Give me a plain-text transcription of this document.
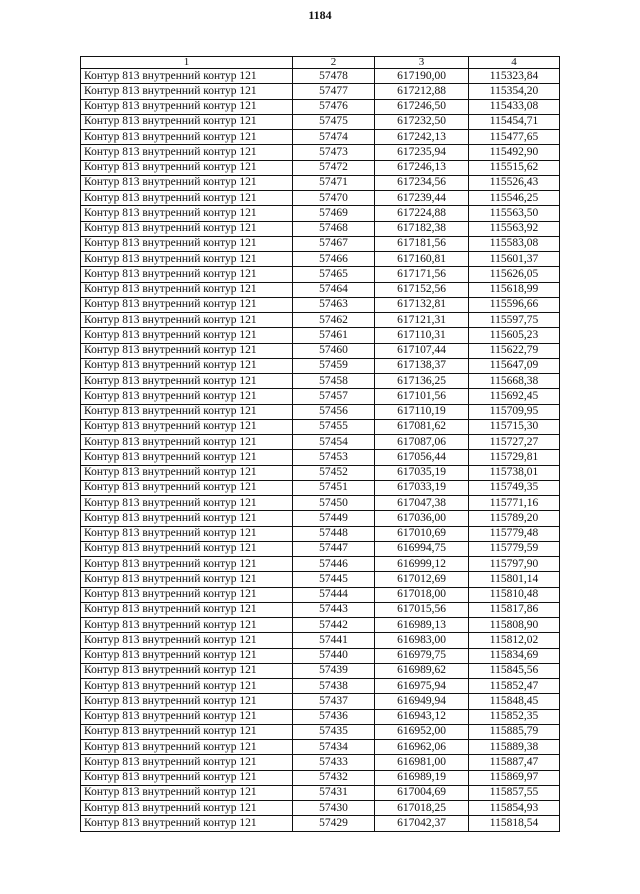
1184
1	2	3	4
Контур 813 внутренний контур 121	57478	617190,00	115323,84
Контур 813 внутренний контур 121	57477	617212,88	115354,20
Контур 813 внутренний контур 121	57476	617246,50	115433,08
Контур 813 внутренний контур 121	57475	617232,50	115454,71
Контур 813 внутренний контур 121	57474	617242,13	115477,65
Контур 813 внутренний контур 121	57473	617235,94	115492,90
Контур 813 внутренний контур 121	57472	617246,13	115515,62
Контур 813 внутренний контур 121	57471	617234,56	115526,43
Контур 813 внутренний контур 121	57470	617239,44	115546,25
Контур 813 внутренний контур 121	57469	617224,88	115563,50
Контур 813 внутренний контур 121	57468	617182,38	115563,92
Контур 813 внутренний контур 121	57467	617181,56	115583,08
Контур 813 внутренний контур 121	57466	617160,81	115601,37
Контур 813 внутренний контур 121	57465	617171,56	115626,05
Контур 813 внутренний контур 121	57464	617152,56	115618,99
Контур 813 внутренний контур 121	57463	617132,81	115596,66
Контур 813 внутренний контур 121	57462	617121,31	115597,75
Контур 813 внутренний контур 121	57461	617110,31	115605,23
Контур 813 внутренний контур 121	57460	617107,44	115622,79
Контур 813 внутренний контур 121	57459	617138,37	115647,09
Контур 813 внутренний контур 121	57458	617136,25	115668,38
Контур 813 внутренний контур 121	57457	617101,56	115692,45
Контур 813 внутренний контур 121	57456	617110,19	115709,95
Контур 813 внутренний контур 121	57455	617081,62	115715,30
Контур 813 внутренний контур 121	57454	617087,06	115727,27
Контур 813 внутренний контур 121	57453	617056,44	115729,81
Контур 813 внутренний контур 121	57452	617035,19	115738,01
Контур 813 внутренний контур 121	57451	617033,19	115749,35
Контур 813 внутренний контур 121	57450	617047,38	115771,16
Контур 813 внутренний контур 121	57449	617036,00	115789,20
Контур 813 внутренний контур 121	57448	617010,69	115779,48
Контур 813 внутренний контур 121	57447	616994,75	115779,59
Контур 813 внутренний контур 121	57446	616999,12	115797,90
Контур 813 внутренний контур 121	57445	617012,69	115801,14
Контур 813 внутренний контур 121	57444	617018,00	115810,48
Контур 813 внутренний контур 121	57443	617015,56	115817,86
Контур 813 внутренний контур 121	57442	616989,13	115808,90
Контур 813 внутренний контур 121	57441	616983,00	115812,02
Контур 813 внутренний контур 121	57440	616979,75	115834,69
Контур 813 внутренний контур 121	57439	616989,62	115845,56
Контур 813 внутренний контур 121	57438	616975,94	115852,47
Контур 813 внутренний контур 121	57437	616949,94	115848,45
Контур 813 внутренний контур 121	57436	616943,12	115852,35
Контур 813 внутренний контур 121	57435	616952,00	115885,79
Контур 813 внутренний контур 121	57434	616962,06	115889,38
Контур 813 внутренний контур 121	57433	616981,00	115887,47
Контур 813 внутренний контур 121	57432	616989,19	115869,97
Контур 813 внутренний контур 121	57431	617004,69	115857,55
Контур 813 внутренний контур 121	57430	617018,25	115854,93
Контур 813 внутренний контур 121	57429	617042,37	115818,54
